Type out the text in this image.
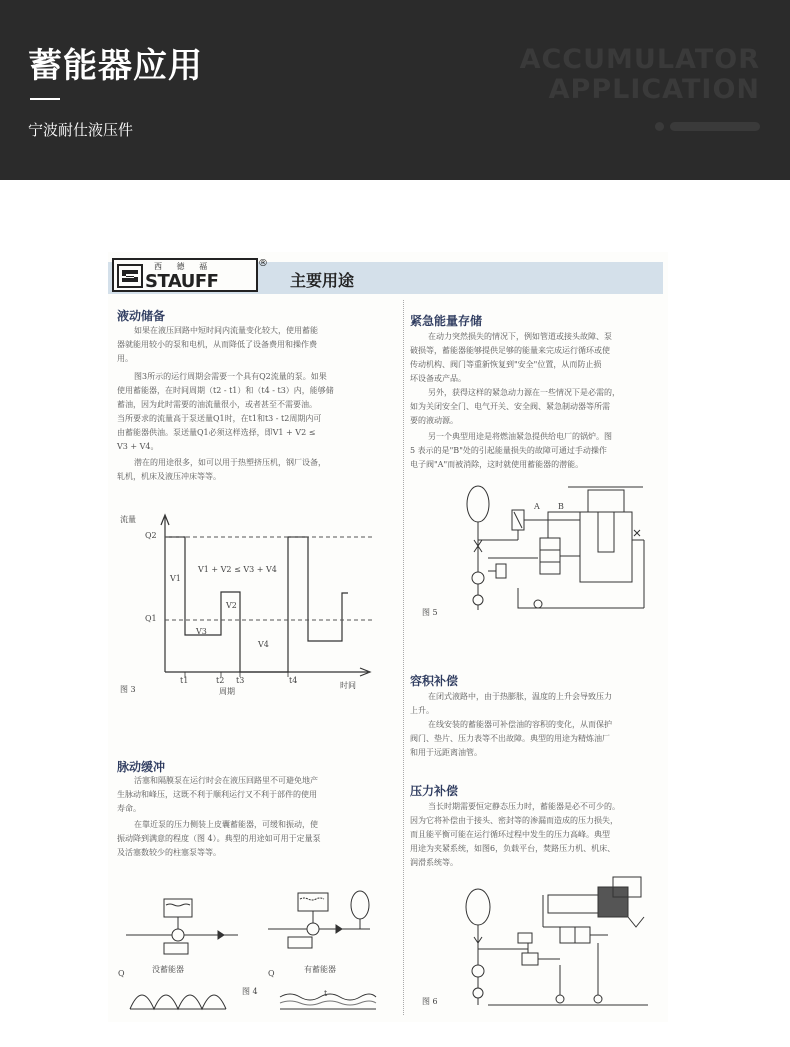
ACCUMULATOR
APPLICATION
蓄能器应用
宁波耐仕液压件
西 德 福
STAUFF
®
主要用途
液动储备
如果在液压回路中短时间内流量变化较大，使用蓄能
器就能用较小的泵和电机，从而降低了设备费用和操作费
用。
图3所示的运行周期会需要一个具有Q2流量的泵。如果
使用蓄能器，在时间周期（t2 - t1）和（t4 - t3）内，能够储
蓄油，因为此时需要的油流量很小，或者甚至不需要油。
当所要求的流量高于泵送量Q1时，在t1和t3 - t2周期内可
由蓄能器供油。泵送量Q1必须这样选择，即V1 + V2 ≤
V3 + V4。
潜在的用途很多，如可以用于热塑挤压机，钢厂设备，
轧机，机床及液压冲床等等。
流量
Q2
Q1
V1
V1 + V2 ≤ V3 + V4
V2
V3
V4
t1	t2 t3	t4
周期
时间
图 3
脉动缓冲
活塞和隔膜泵在运行时会在液压回路里不可避免地产
生脉动和峰压，这既不利于顺利运行又不利于部件的使用
寿命。
在靠近泵的压力侧装上皮囊蓄能器，可缓和振动，使
振动降到满意的程度（图 4）。典型的用途如可用于定量泵
及活塞数较少的柱塞泵等等。
Q	没蓄能器	Q	有蓄能器
t
图 4
紧急能量存储
在动力突然损失的情况下，例如管道或接头故障、泵
破损等，蓄能器能够提供足够的能量来完成运行循环或使
传动机构、阀门等重新恢复到"安全"位置，从而防止损
坏设备或产品。
另外，获得这样的紧急动力源在一些情况下是必需的，
如为关闭安全门、电气开关、安全阀、紧急制动器等所需
要的液动源。
另一个典型用途是将燃油紧急提供给电厂的锅炉。图
5 表示的是"B"处的引起能量损失的故障可通过手动操作
电子阀"A"而被消除，这时就使用蓄能器的潜能。
A B
图 5
容积补偿
在闭式液路中，由于热膨胀，温度的上升会导致压力
上升。
在线安装的蓄能器可补偿油的容积的变化，从而保护
阀门、垫片、压力表等不出故障。典型的用途为精炼油厂
和用于远距离油管。
压力补偿
当长时期需要恒定静态压力时，蓄能器是必不可少的。
因为它将补偿由于接头、密封等的渗漏而造成的压力损失，
而且能平衡可能在运行循环过程中发生的压力高峰。典型
用途为夹紧系统，如图6，负载平台，焚路压力机、机床、
润滑系统等。
图 6
